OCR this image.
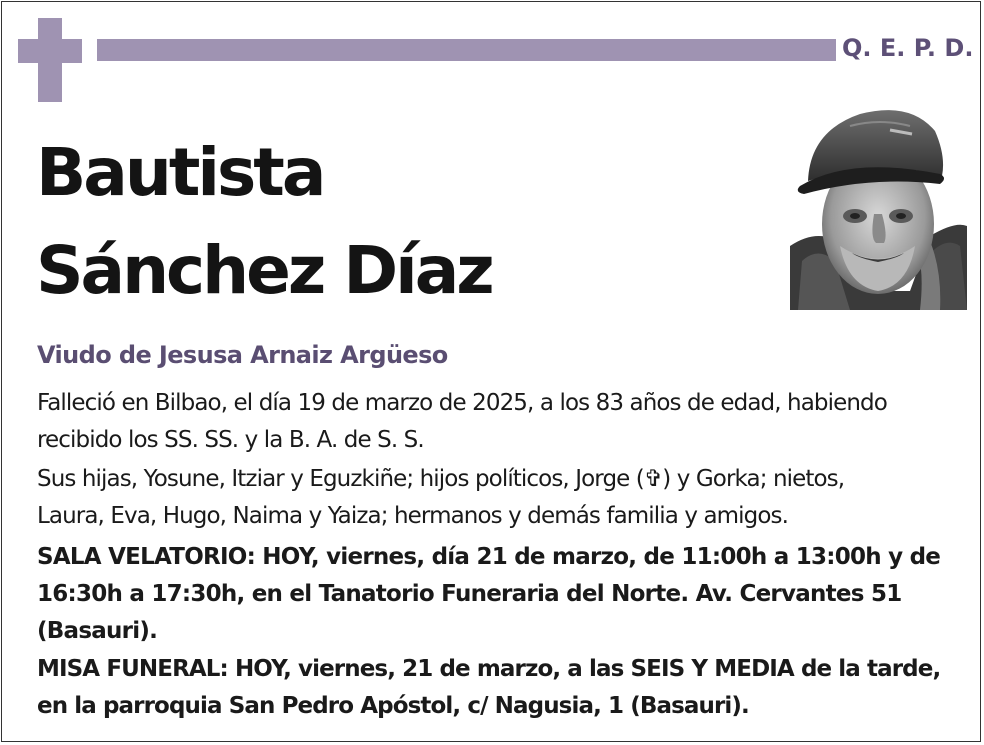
Q. E. P. D.
Bautista
Sánchez Díaz
Viudo de Jesusa Arnaiz Argüeso
Falleció en Bilbao, el día 19 de marzo de 2025, a los 83 años de edad, habiendo
recibido los SS. SS. y la B. A. de S. S.
Sus hijas, Yosune, Itziar y Eguzkiñe; hijos políticos, Jorge (✞) y Gorka; nietos,
Laura, Eva, Hugo, Naima y Yaiza; hermanos y demás familia y amigos.
SALA VELATORIO: HOY, viernes, día 21 de marzo, de 11:00h a 13:00h y de
16:30h a 17:30h, en el Tanatorio Funeraria del Norte. Av. Cervantes 51
(Basauri).
MISA FUNERAL: HOY, viernes, 21 de marzo, a las SEIS Y MEDIA de la tarde,
en la parroquia San Pedro Apóstol, c/ Nagusia, 1 (Basauri).
